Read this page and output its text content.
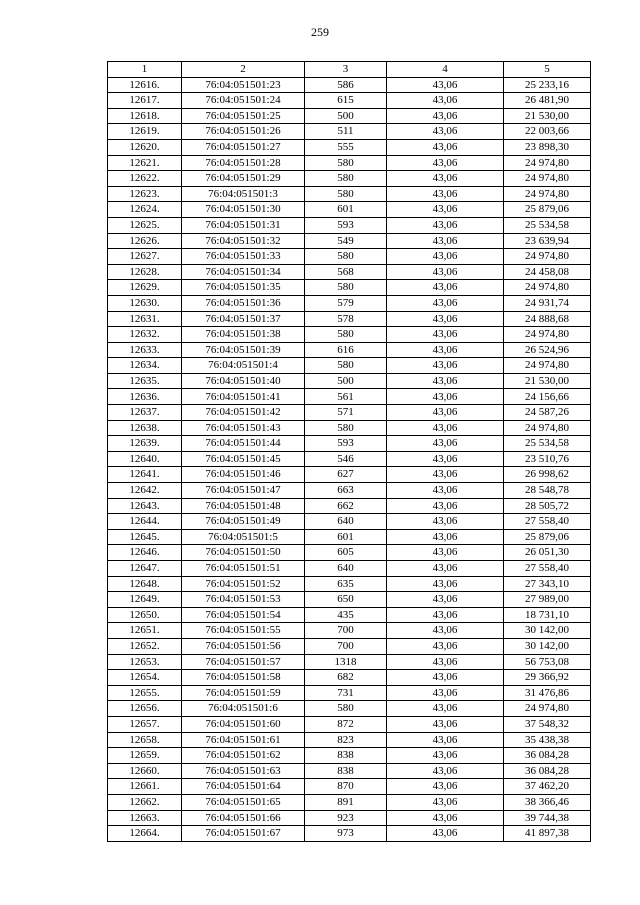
259
1	2	3	4	5
12616.	76:04:051501:23	586	43,06	25 233,16
12617.	76:04:051501:24	615	43,06	26 481,90
12618.	76:04:051501:25	500	43,06	21 530,00
12619.	76:04:051501:26	511	43,06	22 003,66
12620.	76:04:051501:27	555	43,06	23 898,30
12621.	76:04:051501:28	580	43,06	24 974,80
12622.	76:04:051501:29	580	43,06	24 974,80
12623.	76:04:051501:3	580	43,06	24 974,80
12624.	76:04:051501:30	601	43,06	25 879,06
12625.	76:04:051501:31	593	43,06	25 534,58
12626.	76:04:051501:32	549	43,06	23 639,94
12627.	76:04:051501:33	580	43,06	24 974,80
12628.	76:04:051501:34	568	43,06	24 458,08
12629.	76:04:051501:35	580	43,06	24 974,80
12630.	76:04:051501:36	579	43,06	24 931,74
12631.	76:04:051501:37	578	43,06	24 888,68
12632.	76:04:051501:38	580	43,06	24 974,80
12633.	76:04:051501:39	616	43,06	26 524,96
12634.	76:04:051501:4	580	43,06	24 974,80
12635.	76:04:051501:40	500	43,06	21 530,00
12636.	76:04:051501:41	561	43,06	24 156,66
12637.	76:04:051501:42	571	43,06	24 587,26
12638.	76:04:051501:43	580	43,06	24 974,80
12639.	76:04:051501:44	593	43,06	25 534,58
12640.	76:04:051501:45	546	43,06	23 510,76
12641.	76:04:051501:46	627	43,06	26 998,62
12642.	76:04:051501:47	663	43,06	28 548,78
12643.	76:04:051501:48	662	43,06	28 505,72
12644.	76:04:051501:49	640	43,06	27 558,40
12645.	76:04:051501:5	601	43,06	25 879,06
12646.	76:04:051501:50	605	43,06	26 051,30
12647.	76:04:051501:51	640	43,06	27 558,40
12648.	76:04:051501:52	635	43,06	27 343,10
12649.	76:04:051501:53	650	43,06	27 989,00
12650.	76:04:051501:54	435	43,06	18 731,10
12651.	76:04:051501:55	700	43,06	30 142,00
12652.	76:04:051501:56	700	43,06	30 142,00
12653.	76:04:051501:57	1318	43,06	56 753,08
12654.	76:04:051501:58	682	43,06	29 366,92
12655.	76:04:051501:59	731	43,06	31 476,86
12656.	76:04:051501:6	580	43,06	24 974,80
12657.	76:04:051501:60	872	43,06	37 548,32
12658.	76:04:051501:61	823	43,06	35 438,38
12659.	76:04:051501:62	838	43,06	36 084,28
12660.	76:04:051501:63	838	43,06	36 084,28
12661.	76:04:051501:64	870	43,06	37 462,20
12662.	76:04:051501:65	891	43,06	38 366,46
12663.	76:04:051501:66	923	43,06	39 744,38
12664.	76:04:051501:67	973	43,06	41 897,38
